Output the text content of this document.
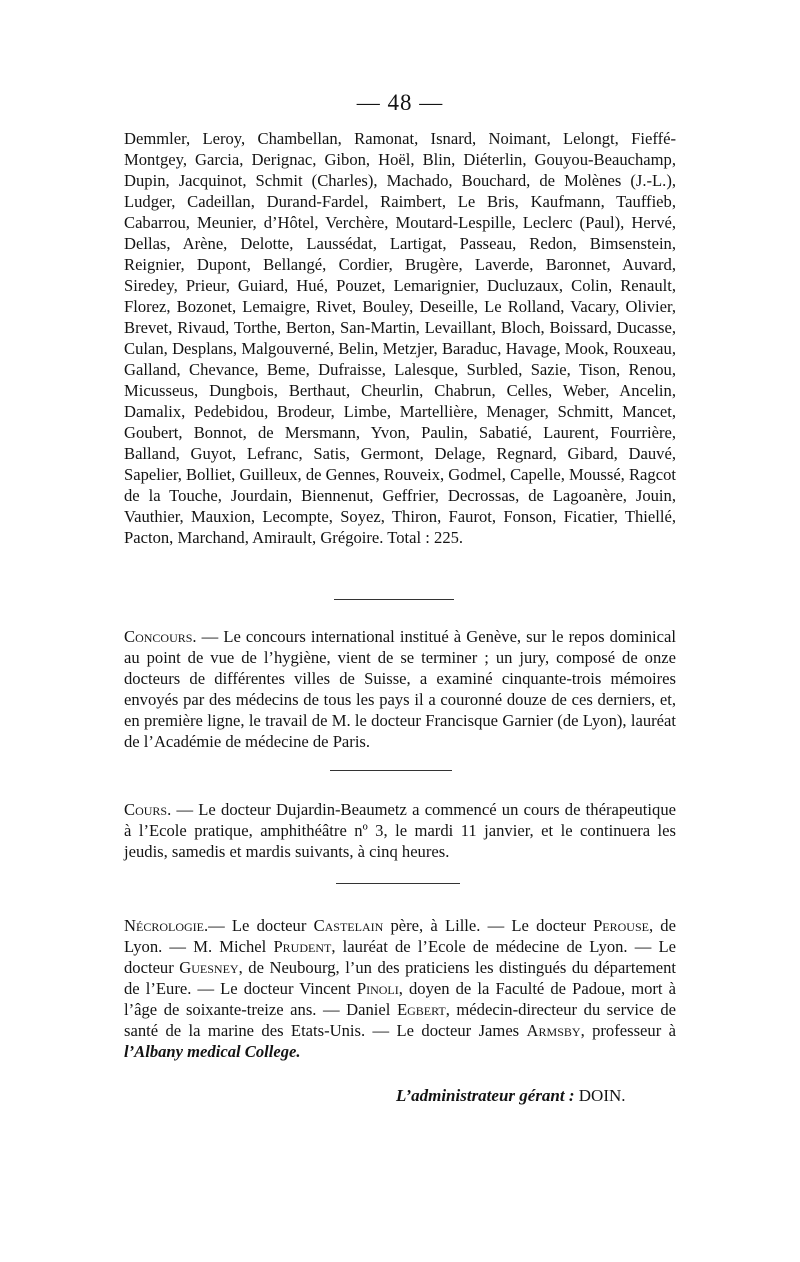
— 48 —

Demmler, Leroy, Chambellan, Ramonat, Isnard, Noimant, Lelongt, Fieffé-Montgey, Garcia, Derignac, Gibon, Hoël, Blin, Diéterlin, Gouyou-Beauchamp, Dupin, Jacquinot, Schmit (Charles), Machado, Bouchard, de Molènes (J.-L.), Ludger, Cadeillan, Durand-Fardel, Raimbert, Le Bris, Kaufmann, Tauffieb, Cabarrou, Meunier, d’Hôtel, Verchère, Moutard-Lespille, Leclerc (Paul), Hervé, Dellas, Arène, Delotte, Laussédat, Lartigat, Passeau, Redon, Bimsenstein, Reignier, Dupont, Bellangé, Cordier, Brugère, Laverde, Baronnet, Auvard, Siredey, Prieur, Guiard, Hué, Pouzet, Lemarignier, Ducluzaux, Colin, Renault, Florez, Bozonet, Lemaigre, Rivet, Bouley, Deseille, Le Rolland, Vacary, Olivier, Brevet, Rivaud, Torthe, Berton, San-Martin, Levaillant, Bloch, Boissard, Ducasse, Culan, Desplans, Malgouverné, Belin, Metzjer, Baraduc, Havage, Mook, Rouxeau, Galland, Chevance, Beme, Dufraisse, Lalesque, Surbled, Sazie, Tison, Renou, Micusseus, Dungbois, Berthaut, Cheurlin, Chabrun, Celles, Weber, Ancelin, Damalix, Pedebidou, Brodeur, Limbe, Martellière, Menager, Schmitt, Mancet, Goubert, Bonnot, de Mersmann, Yvon, Paulin, Sabatié, Laurent, Fourrière, Balland, Guyot, Lefranc, Satis, Germont, Delage, Regnard, Gibard, Dauvé, Sapelier, Bolliet, Guilleux, de Gennes, Rouveix, Godmel, Capelle, Moussé, Ragcot de la Touche, Jourdain, Biennenut, Geffrier, Decrossas, de Lagoanère, Jouin, Vauthier, Mauxion, Lecompte, Soyez, Thiron, Faurot, Fonson, Ficatier, Thiellé, Pacton, Marchand, Amirault, Grégoire. Total : 225.

Concours. — Le concours international institué à Genève, sur le repos dominical au point de vue de l’hygiène, vient de se terminer ; un jury, composé de onze docteurs de différentes villes de Suisse, a examiné cinquante-trois mémoires envoyés par des médecins de tous les pays il a couronné douze de ces derniers, et, en première ligne, le travail de M. le docteur Francisque Garnier (de Lyon), lauréat de l’Académie de médecine de Paris.

Cours. — Le docteur Dujardin-Beaumetz a commencé un cours de thérapeutique à l’Ecole pratique, amphithéâtre nº 3, le mardi 11 janvier, et le continuera les jeudis, samedis et mardis suivants, à cinq heures.

Nécrologie.— Le docteur Castelain père, à Lille. — Le docteur Perouse, de Lyon. — M. Michel Prudent, lauréat de l’Ecole de médecine de Lyon. — Le docteur Guesney, de Neubourg, l’un des praticiens les distingués du département de l’Eure. — Le docteur Vincent Pinoli, doyen de la Faculté de Padoue, mort à l’âge de soixante-treize ans. — Daniel Egbert, médecin-directeur du service de santé de la marine des Etats-Unis. — Le docteur James Armsby, professeur à l’Albany medical College.

L’administrateur gérant : DOIN.
